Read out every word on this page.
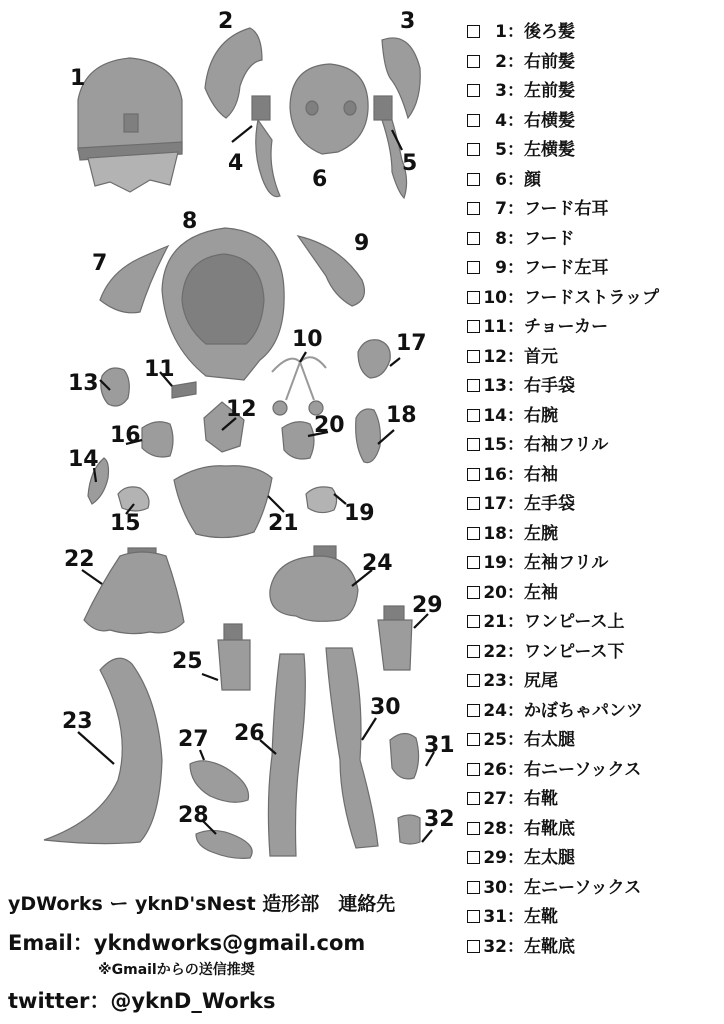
1
2	3
4	5
6
7
8
9
10
11
12
13
14
15
16
17
18
19
20
21
22
23
24
25
26
27
28
29
30
31
32
1：後ろ髪
2：右前髪
3：左前髪
4：右横髪
5：左横髪
6：顔
7：フード右耳
8：フード
9：フード左耳
10：フードストラップ
11：チョーカー
12：首元
13：右手袋
14：右腕
15：右袖フリル
16：右袖
17：左手袋
18：左腕
19：左袖フリル
20：左袖
21：ワンピース上
22：ワンピース下
23：尻尾
24：かぼちゃパンツ
25：右太腿
26：右ニーソックス
27：右靴
28：右靴底
29：左太腿
30：左ニーソックス
31：左靴
32：左靴底
yDWorks ー yknD'sNest 造形部　連絡先
Email：ykndworks@gmail.com
※Gmailからの送信推奨
twitter：@yknD_Works
